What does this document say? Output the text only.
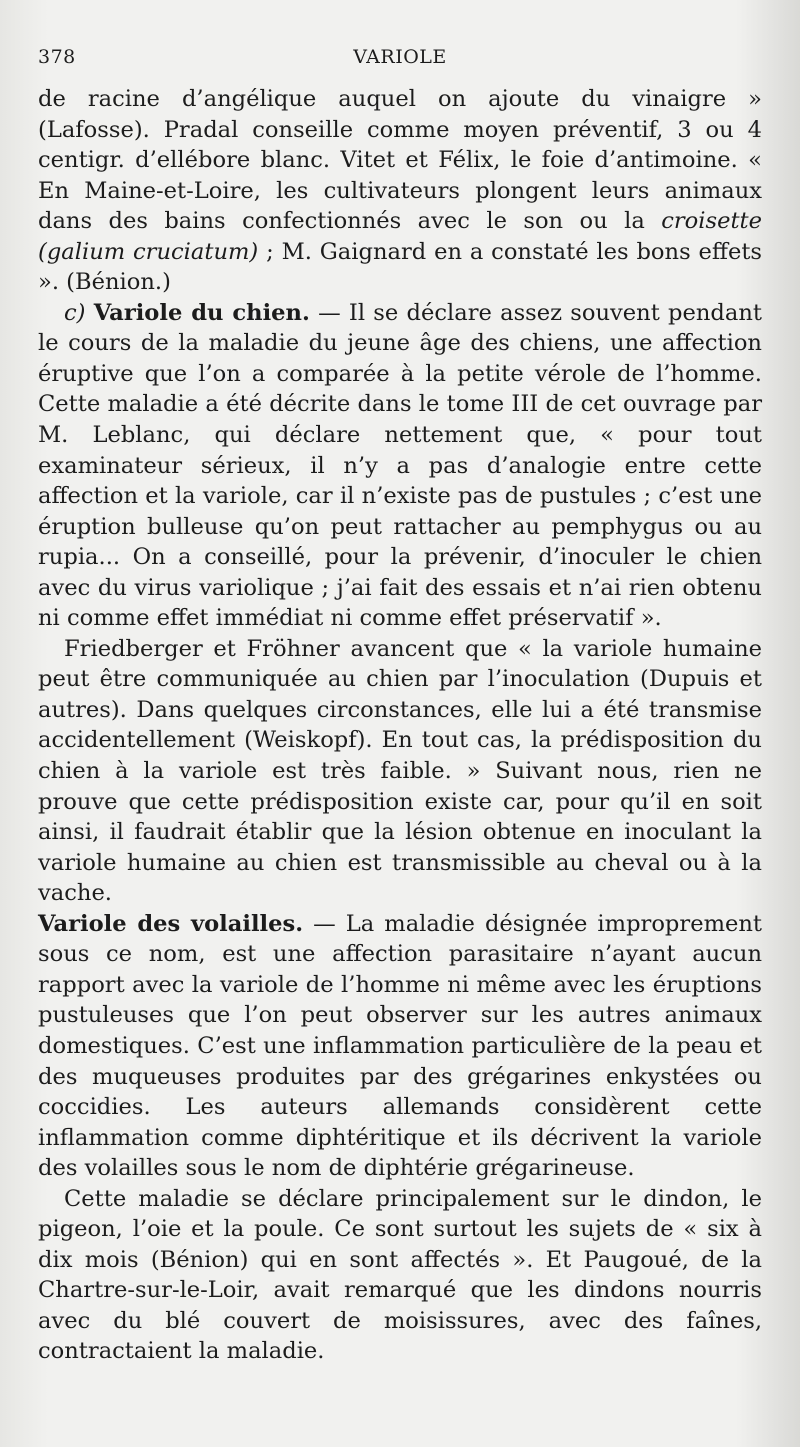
378	VARIOLE

de racine d’angélique auquel on ajoute du vinaigre » (Lafosse). Pradal conseille comme moyen préventif, 3 ou 4 centigr. d’ellébore blanc. Vitet et Félix, le foie d’antimoine. « En Maine-et-Loire, les cultivateurs plongent leurs animaux dans des bains confectionnés avec le son ou la croisette (galium cruciatum) ; M. Gaignard en a constaté les bons effets ». (Bénion.)

c) Variole du chien. — Il se déclare assez souvent pendant le cours de la maladie du jeune âge des chiens, une affection éruptive que l’on a comparée à la petite vérole de l’homme. Cette maladie a été décrite dans le tome III de cet ouvrage par M. Leblanc, qui déclare nettement que, « pour tout examinateur sérieux, il n’y a pas d’analogie entre cette affection et la variole, car il n’existe pas de pustules ; c’est une éruption bulleuse qu’on peut rattacher au pemphygus ou au rupia... On a conseillé, pour la prévenir, d’inoculer le chien avec du virus variolique ; j’ai fait des essais et n’ai rien obtenu ni comme effet immédiat ni comme effet préservatif ».

Friedberger et Fröhner avancent que « la variole humaine peut être communiquée au chien par l’inoculation (Dupuis et autres). Dans quelques circonstances, elle lui a été transmise accidentellement (Weiskopf). En tout cas, la prédisposition du chien à la variole est très faible. » Suivant nous, rien ne prouve que cette prédisposition existe car, pour qu’il en soit ainsi, il faudrait établir que la lésion obtenue en inoculant la variole humaine au chien est transmissible au cheval ou à la vache.

Variole des volailles. — La maladie désignée improprement sous ce nom, est une affection parasitaire n’ayant aucun rapport avec la variole de l’homme ni même avec les éruptions pustuleuses que l’on peut observer sur les autres animaux domestiques. C’est une inflammation particulière de la peau et des muqueuses produites par des grégarines enkystées ou coccidies. Les auteurs allemands considèrent cette inflammation comme diphtéritique et ils décrivent la variole des volailles sous le nom de diphtérie grégarineuse.

Cette maladie se déclare principalement sur le dindon, le pigeon, l’oie et la poule. Ce sont surtout les sujets de « six à dix mois (Bénion) qui en sont affectés ». Et Paugoué, de la Chartre-sur-le-Loir, avait remarqué que les dindons nourris avec du blé couvert de moisissures, avec des faînes, contractaient la maladie.
